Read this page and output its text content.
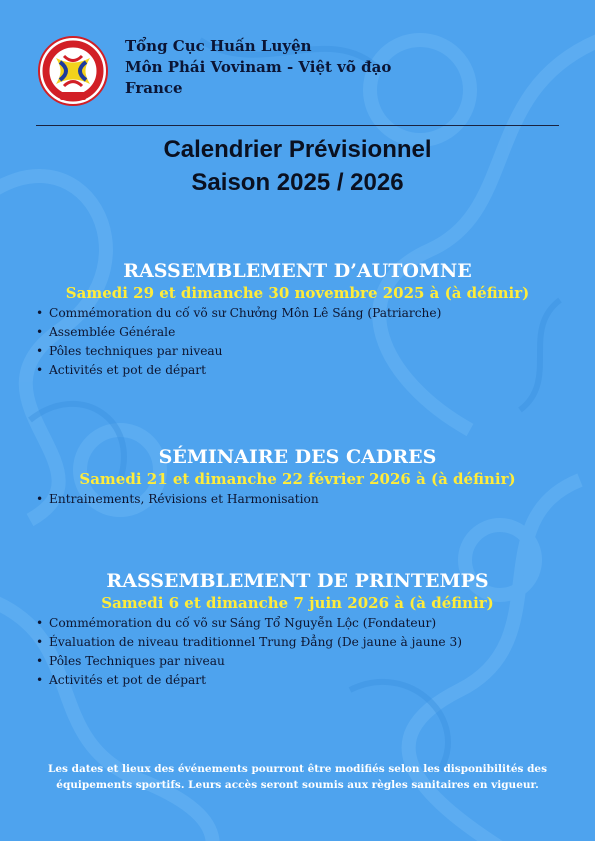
Tổng Cục Huấn Luyện
Môn Phái Vovinam - Việt võ đạo
France
Calendrier Prévisionnel
Saison 2025 / 2026
RASSEMBLEMENT D’AUTOMNE
Samedi 29 et dimanche 30 novembre 2025 à (à définir)
• Commémoration du cố võ sư Chưởng Môn Lê Sáng (Patriarche)
• Assemblée Générale
• Pôles techniques par niveau
• Activités et pot de départ
SÉMINAIRE DES CADRES
Samedi 21 et dimanche 22 février 2026 à (à définir)
• Entrainements, Révisions et Harmonisation
RASSEMBLEMENT DE PRINTEMPS
Samedi 6 et dimanche 7 juin 2026 à (à définir)
• Commémoration du cố võ sư Sáng Tổ Nguyễn Lộc (Fondateur)
• Évaluation de niveau traditionnel Trung Đẳng (De jaune à jaune 3)
• Pôles Techniques par niveau
• Activités et pot de départ
Les dates et lieux des événements pourront être modifiés selon les disponibilités des
équipements sportifs. Leurs accès seront soumis aux règles sanitaires en vigueur.
